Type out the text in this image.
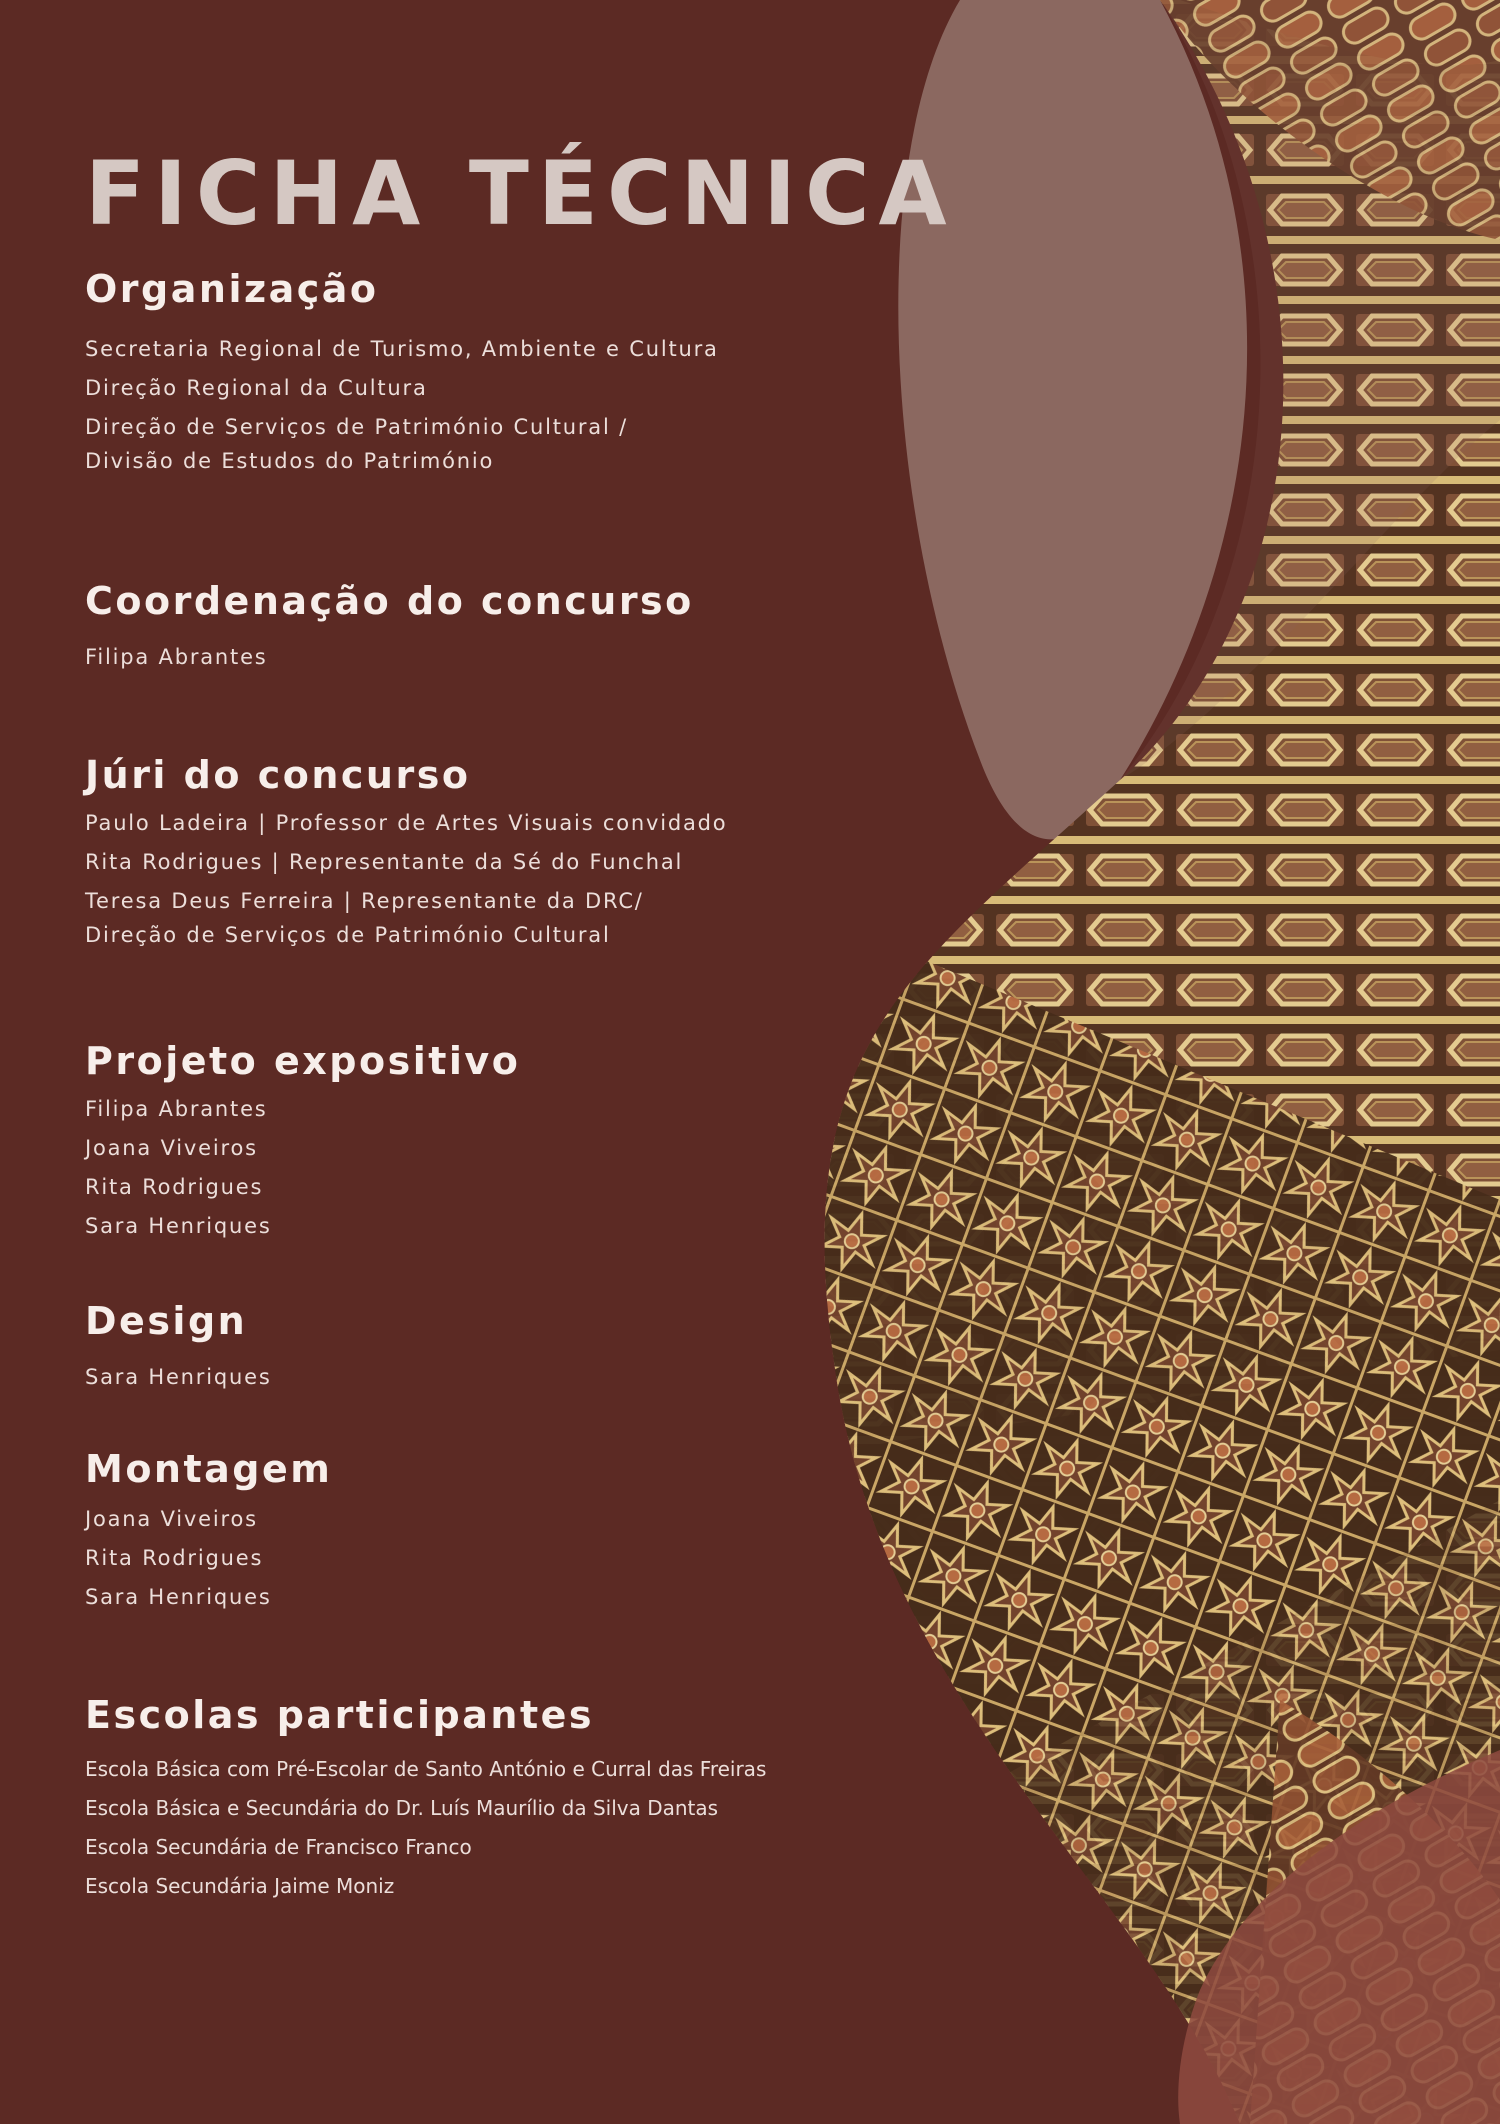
FICHA TÉCNICA
Organização
Secretaria Regional de Turismo, Ambiente e Cultura
Direção Regional da Cultura
Direção de Serviços de Património Cultural /
Divisão de Estudos do Património
Coordenação do concurso
Filipa Abrantes
Júri do concurso
Paulo Ladeira | Professor de Artes Visuais convidado
Rita Rodrigues | Representante da Sé do Funchal
Teresa Deus Ferreira | Representante da DRC/
Direção de Serviços de Património Cultural
Projeto expositivo
Filipa Abrantes
Joana Viveiros
Rita Rodrigues
Sara Henriques
Design
Sara Henriques
Montagem
Joana Viveiros
Rita Rodrigues
Sara Henriques
Escolas participantes
Escola Básica com Pré-Escolar de Santo António e Curral das Freiras
Escola Básica e Secundária do Dr. Luís Maurílio da Silva Dantas
Escola Secundária de Francisco Franco
Escola Secundária Jaime Moniz
